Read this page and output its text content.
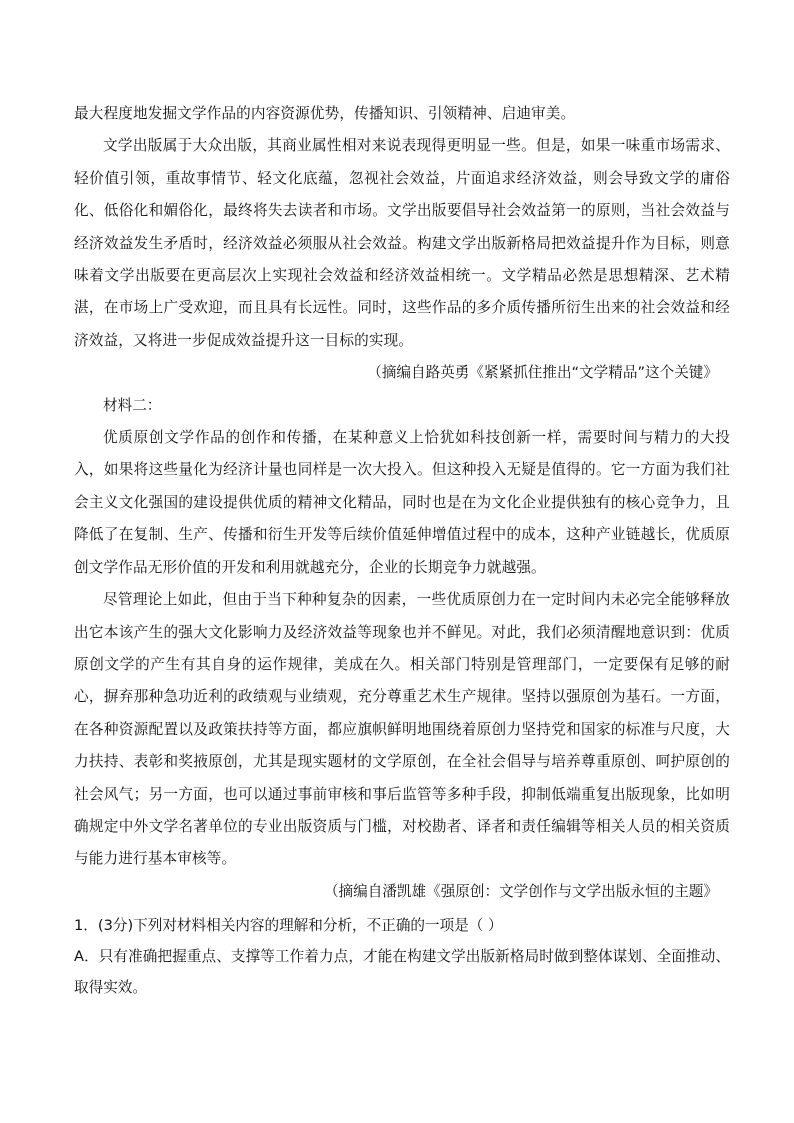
最大程度地发掘文学作品的内容资源优势，传播知识、引领精神、启迪审美。

文学出版属于大众出版，其商业属性相对来说表现得更明显一些。但是，如果一味重市场需求、轻价值引领，重故事情节、轻文化底蕴，忽视社会效益，片面追求经济效益，则会导致文学的庸俗化、低俗化和媚俗化，最终将失去读者和市场。文学出版要倡导社会效益第一的原则，当社会效益与经济效益发生矛盾时，经济效益必须服从社会效益。构建文学出版新格局把效益提升作为目标，则意味着文学出版要在更高层次上实现社会效益和经济效益相统一。文学精品必然是思想精深、艺术精湛，在市场上广受欢迎，而且具有长远性。同时，这些作品的多介质传播所衍生出来的社会效益和经济效益，又将进一步促成效益提升这一目标的实现。

（摘编自路英勇《紧紧抓住推出“文学精品”这个关键》

材料二：

优质原创文学作品的创作和传播，在某种意义上恰犹如科技创新一样，需要时间与精力的大投入，如果将这些量化为经济计量也同样是一次大投入。但这种投入无疑是值得的。它一方面为我们社会主义文化强国的建设提供优质的精神文化精品，同时也是在为文化企业提供独有的核心竞争力，且降低了在复制、生产、传播和衍生开发等后续价值延伸增值过程中的成本，这种产业链越长，优质原创文学作品无形价值的开发和利用就越充分，企业的长期竞争力就越强。

尽管理论上如此，但由于当下种种复杂的因素，一些优质原创力在一定时间内未必完全能够释放出它本该产生的强大文化影响力及经济效益等现象也并不鲜见。对此，我们必须清醒地意识到：优质原创文学的产生有其自身的运作规律，美成在久。相关部门特别是管理部门，一定要保有足够的耐心，摒弃那种急功近利的政绩观与业绩观，充分尊重艺术生产规律。坚持以强原创为基石。一方面，在各种资源配置以及政策扶持等方面，都应旗帜鲜明地围绕着原创力坚持党和国家的标准与尺度，大力扶持、表彰和奖掖原创，尤其是现实题材的文学原创，在全社会倡导与培养尊重原创、呵护原创的社会风气；另一方面，也可以通过事前审核和事后监管等多种手段，抑制低端重复出版现象，比如明确规定中外文学名著单位的专业出版资质与门槛，对校勘者、译者和责任编辑等相关人员的相关资质与能力进行基本审核等。

（摘编自潘凯雄《强原创：文学创作与文学出版永恒的主题》

1．(3分)下列对材料相关内容的理解和分析，不正确的一项是（ ）

A．只有准确把握重点、支撑等工作着力点，才能在构建文学出版新格局时做到整体谋划、全面推动、取得实效。
